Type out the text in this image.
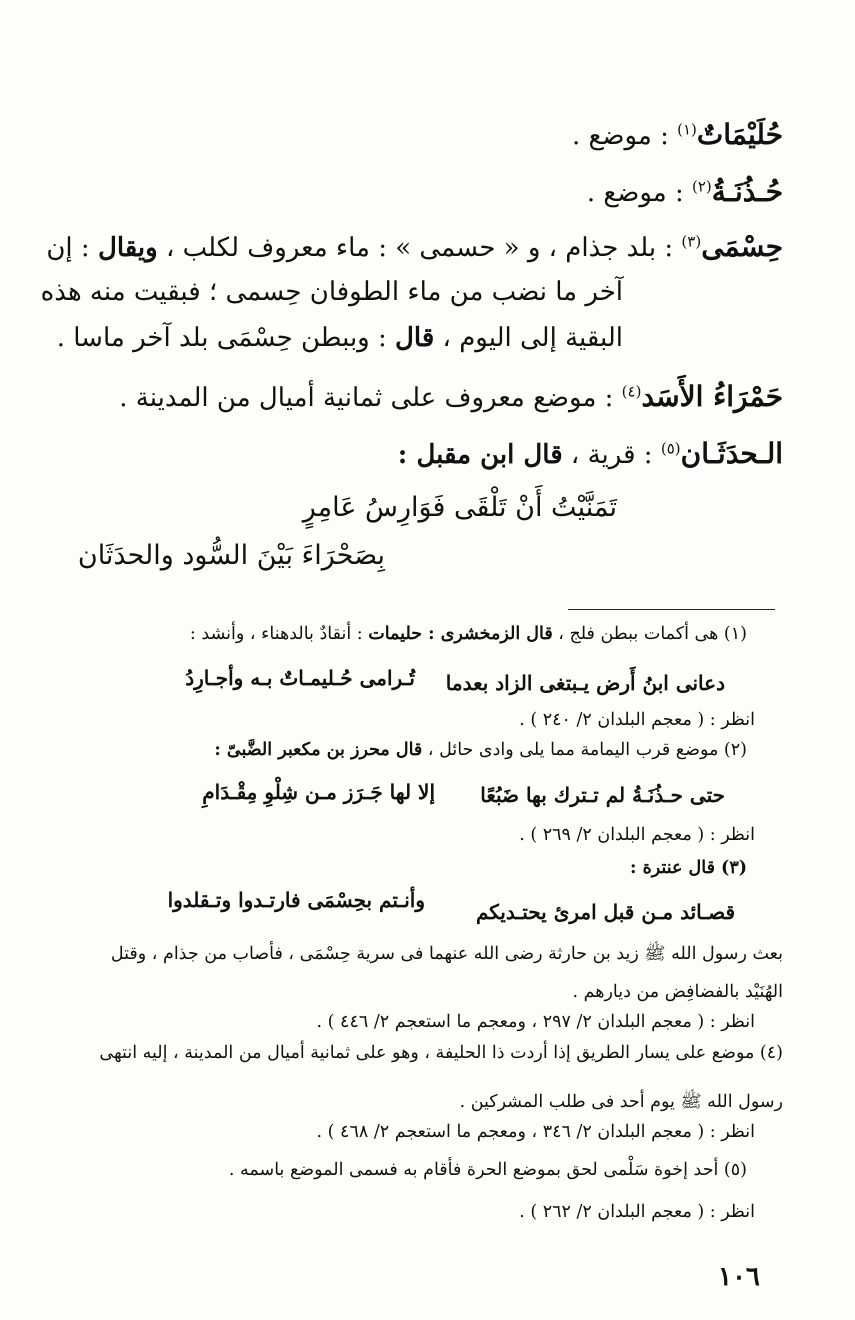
حُلَيْمَاتٌ$^{(١)}$ : موضع .
حُـذُنَـةُ$^{(٢)}$ : موضع .
حِسْمَى$^{(٣)}$ : بلد جذام ، و « حسمى » : ماء معروف لكلب ، ويقال : إن
آخر ما نضب من ماء الطوفان حِسمى ؛ فبقيت منه هذه
البقية إلى اليوم ، قال : وببطن حِسْمَى بلد آخر ماسا .
حَمْرَاءُ الأَسَد$^{(٤)}$ : موضع معروف على ثمانية أميال من المدينة .
الـحدَثَـان$^{(٥)}$ : قرية ، قال ابن مقبل :
تَمَنَّيْتُ أَنْ تَلْقَى فَوَارِسُ عَامِرٍ
بِصَحْرَاءَ بَيْنَ السُّود والحدَثَان
(١) هى أكمات ببطن فلج ، قال الزمخشرى : حليمات : أنقادٌ بالدهناء ، وأنشد :
دعانى ابنُ أَرض يـبتغى الزاد بعدما
تُـرامى حُـليمـاتٌ بـه وأجـارِدُ
انظر : ( معجم البلدان ٢/ ٢٤٠ ) .
(٢) موضع قرب اليمامة مما يلى وادى حائل ، قال محرز بن مكعبر الضَّبىّ :
حتى حـذُنَـةُ لم تـترك بها ضَبُعًا
إلا لها جَـرَز مـن شِلْوِ مِقْـدَامِ
انظر : ( معجم البلدان ٢/ ٢٦٩ ) .
(٣) قال عنترة :
قصـائد مـن قبل امرئ يحتـديكم
وأنـتم بحِسْمَى فارتـدوا وتـقلدوا
بعث رسول الله ﷺ زيد بن حارثة رضى الله عنهما فى سرية حِسْمَى ، فأصاب من جذام ، وقتل
الهُنَيْد بالفضافِض من ديارهم .
انظر : ( معجم البلدان ٢/ ٢٩٧ ، ومعجم ما استعجم ٢/ ٤٤٦ ) .
(٤) موضع على يسار الطريق إذا أردت ذا الحليفة ، وهو على ثمانية أميال من المدينة ، إليه انتهى
رسول الله ﷺ يوم أحد فى طلب المشركين .
انظر : ( معجم البلدان ٢/ ٣٤٦ ، ومعجم ما استعجم ٢/ ٤٦٨ ) .
(٥) أحد إخوة سَلْمى لحق بموضع الحرة فأقام به فسمى الموضع باسمه .
انظر : ( معجم البلدان ٢/ ٢٦٢ ) .
١٠٦
